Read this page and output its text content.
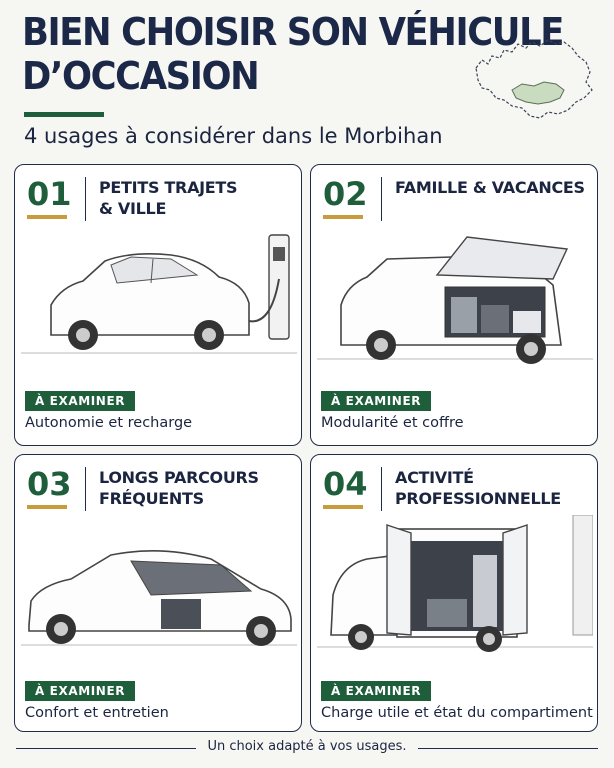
BIEN CHOISIR SON VÉHICULE
D’OCCASION
4 usages à considérer dans le Morbihan
01 PETITS TRAJETS
& VILLE
À EXAMINER
Autonomie et recharge
02 FAMILLE & VACANCES
À EXAMINER
Modularité et coffre
03 LONGS PARCOURS
FRÉQUENTS
À EXAMINER
Confort et entretien
04 ACTIVITÉ
PROFESSIONNELLE
À EXAMINER
Charge utile et état du compartiment
Un choix adapté à vos usages.
